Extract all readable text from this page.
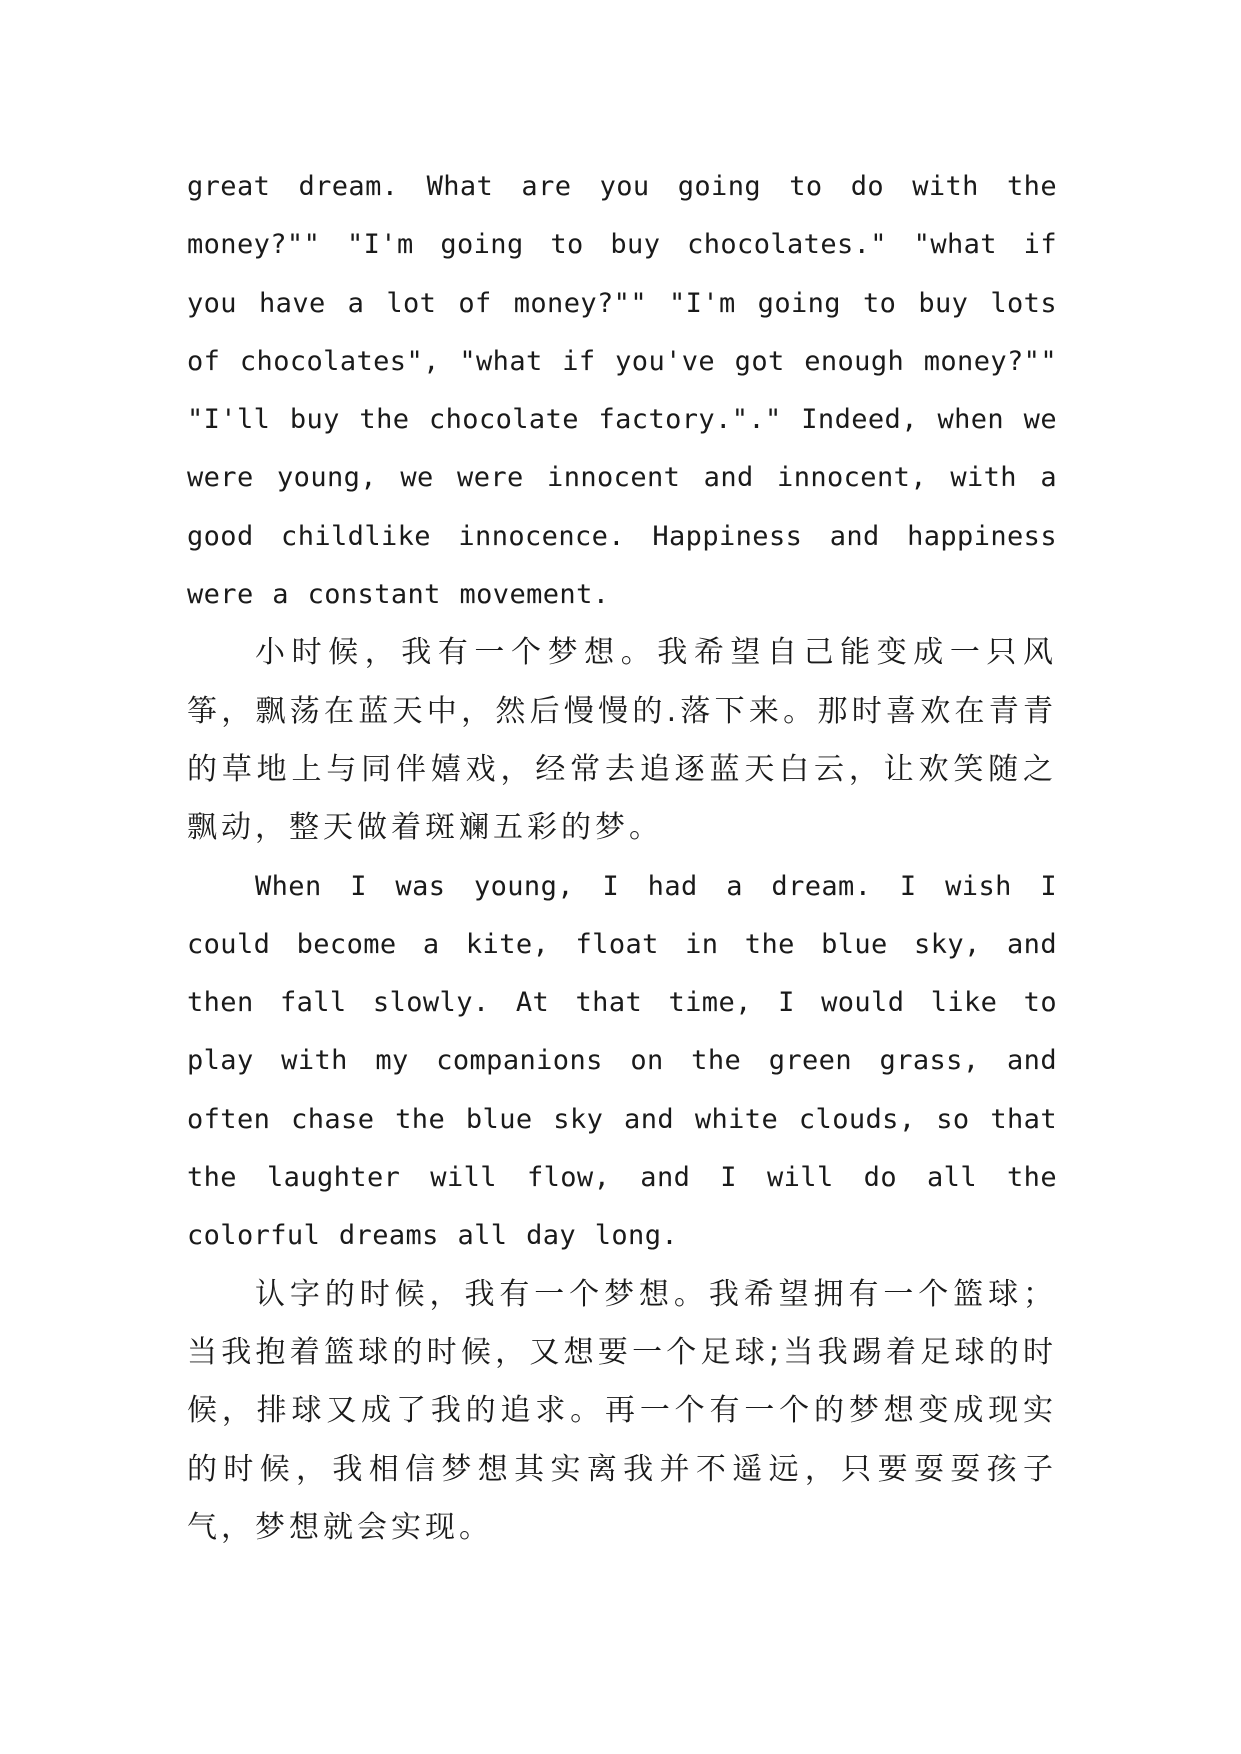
great dream. What are you going to do with the money?"" "I'm going to buy chocolates." "what if you have a lot of money?"" "I'm going to buy lots of chocolates", "what if you've got enough money?"" "I'll buy the chocolate factory."." Indeed, when we were young, we were innocent and innocent, with a good childlike innocence. Happiness and happiness were a constant movement.

小时候，我有一个梦想。我希望自己能变成一只风筝，飘荡在蓝天中，然后慢慢的.落下来。那时喜欢在青青的草地上与同伴嬉戏，经常去追逐蓝天白云，让欢笑随之飘动，整天做着斑斓五彩的梦。

When I was young, I had a dream. I wish I could become a kite, float in the blue sky, and then fall slowly. At that time, I would like to play with my companions on the green grass, and often chase the blue sky and white clouds, so that the laughter will flow, and I will do all the colorful dreams all day long.

认字的时候，我有一个梦想。我希望拥有一个篮球；当我抱着篮球的时候，又想要一个足球;当我踢着足球的时候，排球又成了我的追求。再一个有一个的梦想变成现实的时候，我相信梦想其实离我并不遥远，只要耍耍孩子气，梦想就会实现。
